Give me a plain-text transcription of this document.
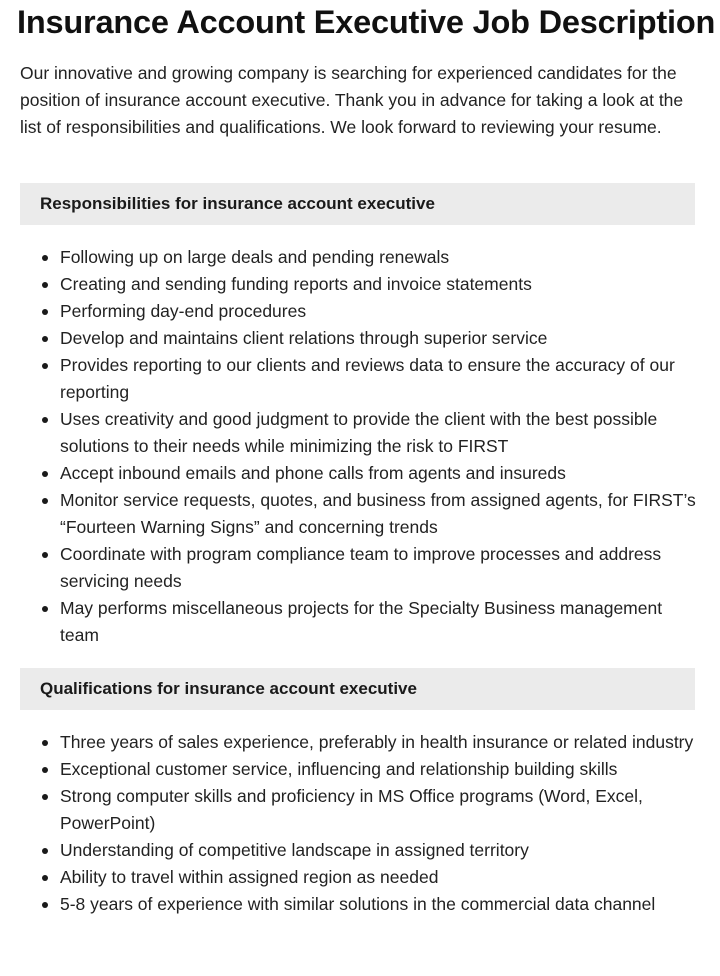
Insurance Account Executive Job Description

Our innovative and growing company is searching for experienced candidates for the position of insurance account executive. Thank you in advance for taking a look at the list of responsibilities and qualifications. We look forward to reviewing your resume.

Responsibilities for insurance account executive
Following up on large deals and pending renewals
Creating and sending funding reports and invoice statements
Performing day-end procedures
Develop and maintains client relations through superior service
Provides reporting to our clients and reviews data to ensure the accuracy of our reporting
Uses creativity and good judgment to provide the client with the best possible solutions to their needs while minimizing the risk to FIRST
Accept inbound emails and phone calls from agents and insureds
Monitor service requests, quotes, and business from assigned agents, for FIRST’s “Fourteen Warning Signs” and concerning trends
Coordinate with program compliance team to improve processes and address servicing needs
May performs miscellaneous projects for the Specialty Business management team
Qualifications for insurance account executive
Three years of sales experience, preferably in health insurance or related industry
Exceptional customer service, influencing and relationship building skills
Strong computer skills and proficiency in MS Office programs (Word, Excel, PowerPoint)
Understanding of competitive landscape in assigned territory
Ability to travel within assigned region as needed
5-8 years of experience with similar solutions in the commercial data channel
